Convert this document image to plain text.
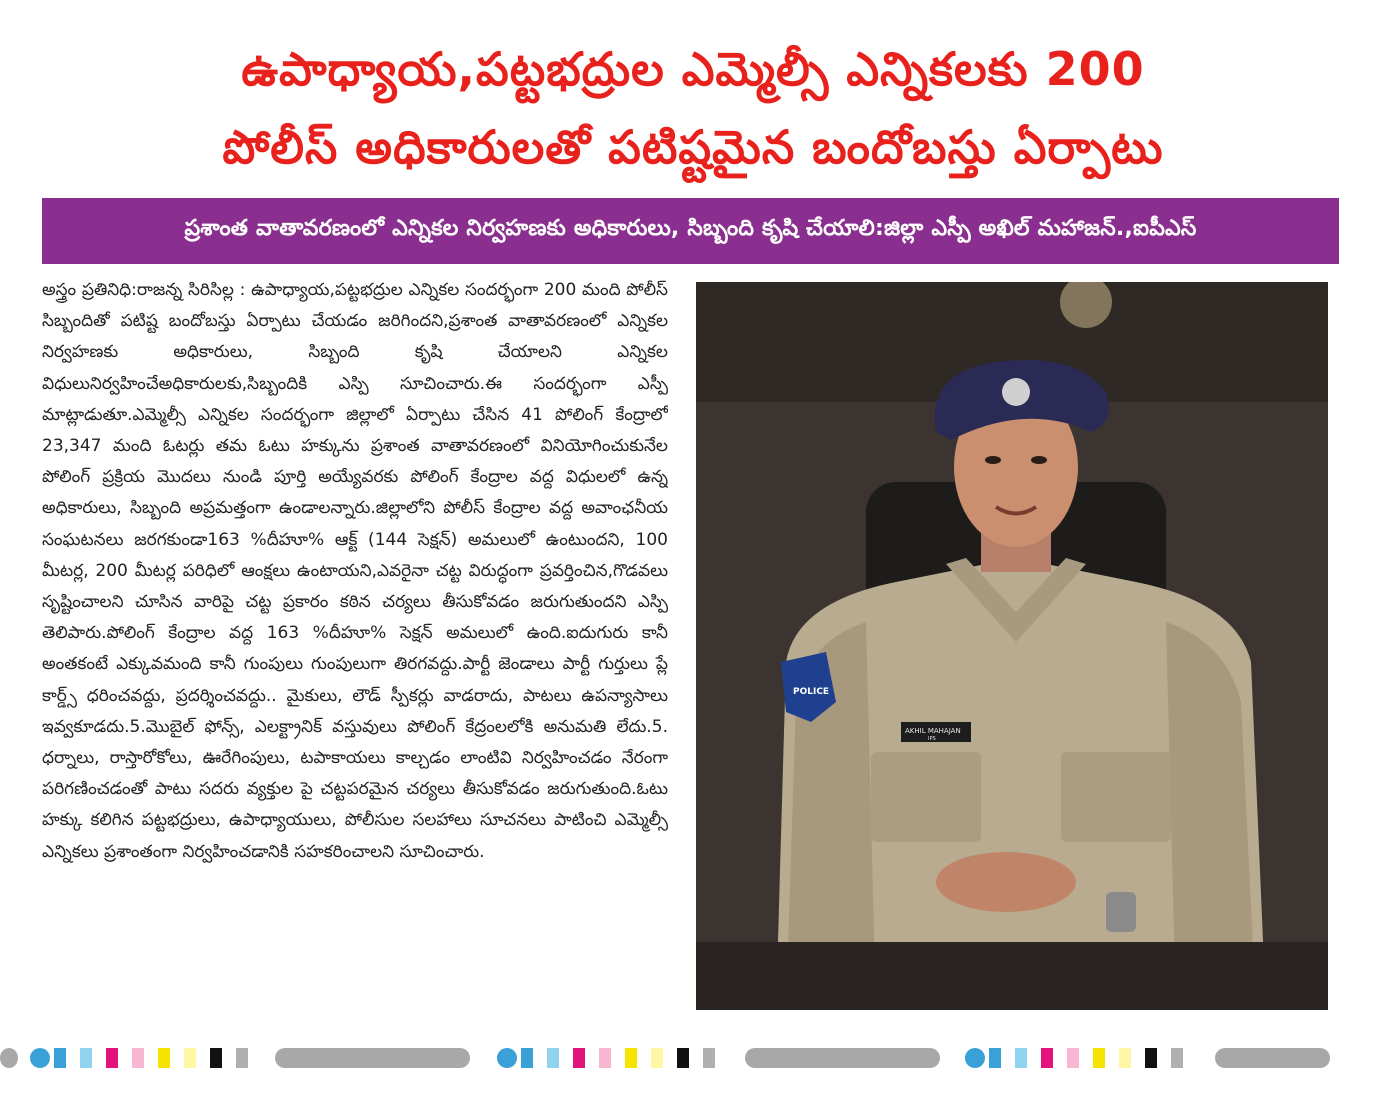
ఉపాధ్యాయ,పట్టభద్రుల ఎమ్మెల్సీ ఎన్నికలకు 200
పోలీస్ అధికారులతో పటిష్టమైన బందోబస్తు ఏర్పాటు
ప్రశాంత వాతావరణంలో ఎన్నికల నిర్వహణకు అధికారులు, సిబ్బంది కృషి చేయాలి:జిల్లా ఎస్పీ అఖిల్ మహాజన్.,ఐపీఎస్
అస్త్రం ప్రతినిధి:రాజన్న సిరిసిల్ల : ఉపాధ్యాయ,పట్టభద్రుల ఎన్నికల సందర్భంగా 200 మంది పోలీస్ సిబ్బందితో పటిష్ట బందోబస్తు ఏర్పాటు చేయడం జరిగిందని,ప్రశాంత వాతావరణంలో ఎన్నికల నిర్వహణకు అధికారులు, సిబ్బంది కృషి చేయాలని ఎన్నికల విధులునిర్వహించేఅధికారులకు,సిబ్బందికి ఎస్పి సూచించారు.ఈ సందర్భంగా ఎస్పీ మాట్లాడుతూ.ఎమ్మెల్సీ ఎన్నికల సందర్భంగా జిల్లాలో ఏర్పాటు చేసిన 41 పోలింగ్ కేంద్రాలో 23,347 మంది ఓటర్లు తమ ఓటు హక్కును ప్రశాంత వాతావరణంలో వినియోగించుకునేల పోలింగ్ ప్రక్రియ మొదలు నుండి పూర్తి అయ్యేవరకు పోలింగ్ కేంద్రాల వద్ద విధులలో ఉన్న అధికారులు, సిబ్బంది అప్రమత్తంగా ఉండాలన్నారు.జిల్లాలోని పోలీస్ కేంద్రాల వద్ద అవాంఛనీయ సంఘటనలు జరగకుండా163 %దీహూ% ఆక్ట్ (144 సెక్షన్) అమలులో ఉంటుందని, 100 మీటర్ల, 200 మీటర్ల పరిధిలో ఆంక్షలు ఉంటాయని,ఎవరైనా చట్ట విరుద్ధంగా ప్రవర్తించిన,గొడవలు సృష్టించాలని చూసిన వారిపై చట్ట ప్రకారం కఠిన చర్యలు తీసుకోవడం జరుగుతుందని ఎస్పి తెలిపారు.పోలింగ్ కేంద్రాల వద్ద 163 %దీహూ% సెక్షన్ అమలులో ఉంది.ఐదుగురు కానీ అంతకంటే ఎక్కువమంది కానీ గుంపులు గుంపులుగా తిరగవద్దు.పార్టీ జెండాలు పార్టీ గుర్తులు ప్లే కార్డ్స్ ధరించవద్దు, ప్రదర్శించవద్దు.. మైకులు, లౌడ్ స్పీకర్లు వాడరాదు, పాటలు ఉపన్యాసాలు ఇవ్వకూడదు.5.మొబైల్ ఫోన్స్, ఎలక్ట్రానిక్ వస్తువులు పోలింగ్ కేద్రంలలోకి అనుమతి లేదు.5. ధర్నాలు, రాస్తారోకోలు, ఊరేగింపులు, టపాకాయలు కాల్చడం లాంటివి నిర్వహించడం నేరంగా పరిగణించడంతో పాటు సదరు వ్యక్తుల పై చట్టపరమైన చర్యలు తీసుకోవడం జరుగుతుంది.ఓటు హక్కు కలిగిన పట్టభద్రులు, ఉపాధ్యాయులు, పోలీసుల సలహాలు సూచనలు పాటించి ఎమ్మెల్సీ ఎన్నికలు ప్రశాంతంగా నిర్వహించడానికి సహకరించాలని సూచించారు.
POLICE
AKHIL MAHAJAN
IPS
